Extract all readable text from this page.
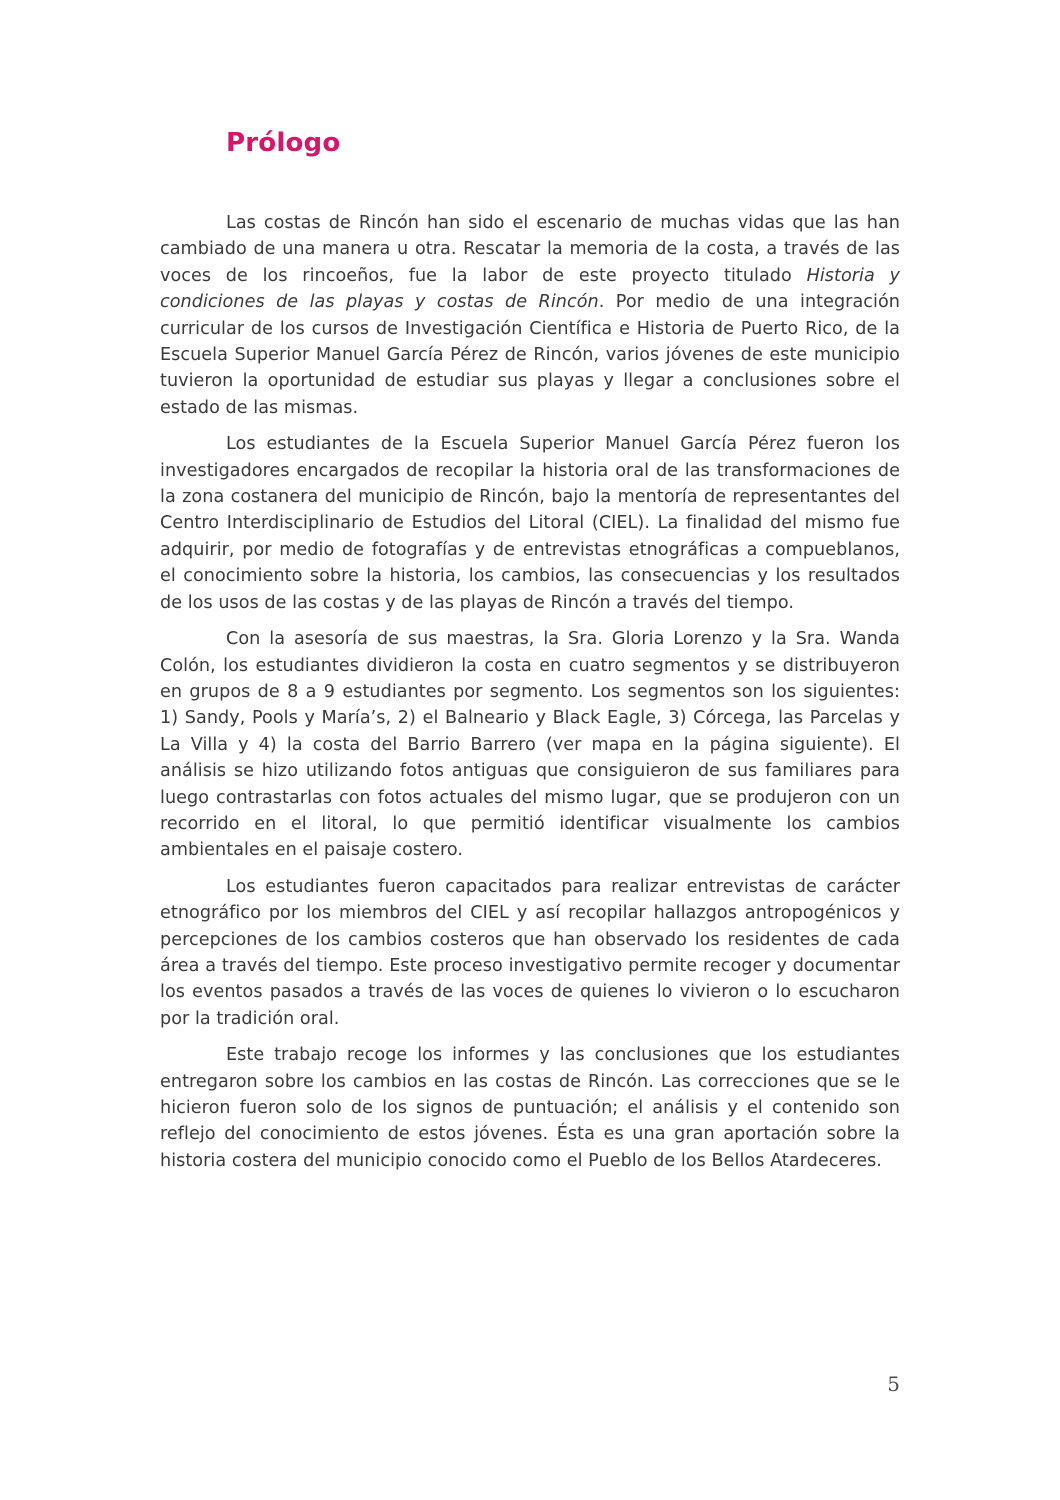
Prólogo

Las costas de Rincón han sido el escenario de muchas vidas que las han cambiado de una manera u otra. Rescatar la memoria de la costa, a través de las voces de los rincoeños, fue la labor de este proyecto titulado Historia y condiciones de las playas y costas de Rincón. Por medio de una integración curricular de los cursos de Investigación Científica e Historia de Puerto Rico, de la Escuela Superior Manuel García Pérez de Rincón, varios jóvenes de este municipio tuvieron la oportunidad de estudiar sus playas y llegar a conclusiones sobre el estado de las mismas.

Los estudiantes de la Escuela Superior Manuel García Pérez fueron los investigadores encargados de recopilar la historia oral de las transformaciones de la zona costanera del municipio de Rincón, bajo la mentoría de representantes del Centro Interdisciplinario de Estudios del Litoral (CIEL). La finalidad del mismo fue adquirir, por medio de fotografías y de entrevistas etnográficas a compueblanos, el conocimiento sobre la historia, los cambios, las consecuencias y los resultados de los usos de las costas y de las playas de Rincón a través del tiempo.

Con la asesoría de sus maestras, la Sra. Gloria Lorenzo y la Sra. Wanda Colón, los estudiantes dividieron la costa en cuatro segmentos y se distribuyeron en grupos de 8 a 9 estudiantes por segmento. Los segmentos son los siguientes: 1) Sandy, Pools y María’s, 2) el Balneario y Black Eagle, 3) Córcega, las Parcelas y La Villa y 4) la costa del Barrio Barrero (ver mapa en la página siguiente). El análisis se hizo utilizando fotos antiguas que consiguieron de sus familiares para luego contrastarlas con fotos actuales del mismo lugar, que se produjeron con un recorrido en el litoral, lo que permitió identificar visualmente los cambios ambientales en el paisaje costero.

Los estudiantes fueron capacitados para realizar entrevistas de carácter etnográfico por los miembros del CIEL y así recopilar hallazgos antropogénicos y percepciones de los cambios costeros que han observado los residentes de cada área a través del tiempo. Este proceso investigativo permite recoger y documentar los eventos pasados a través de las voces de quienes lo vivieron o lo escucharon por la tradición oral.

Este trabajo recoge los informes y las conclusiones que los estudiantes entregaron sobre los cambios en las costas de Rincón. Las correcciones que se le hicieron fueron solo de los signos de puntuación; el análisis y el contenido son reflejo del conocimiento de estos jóvenes. Ésta es una gran aportación sobre la historia costera del municipio conocido como el Pueblo de los Bellos Atardeceres.

5
